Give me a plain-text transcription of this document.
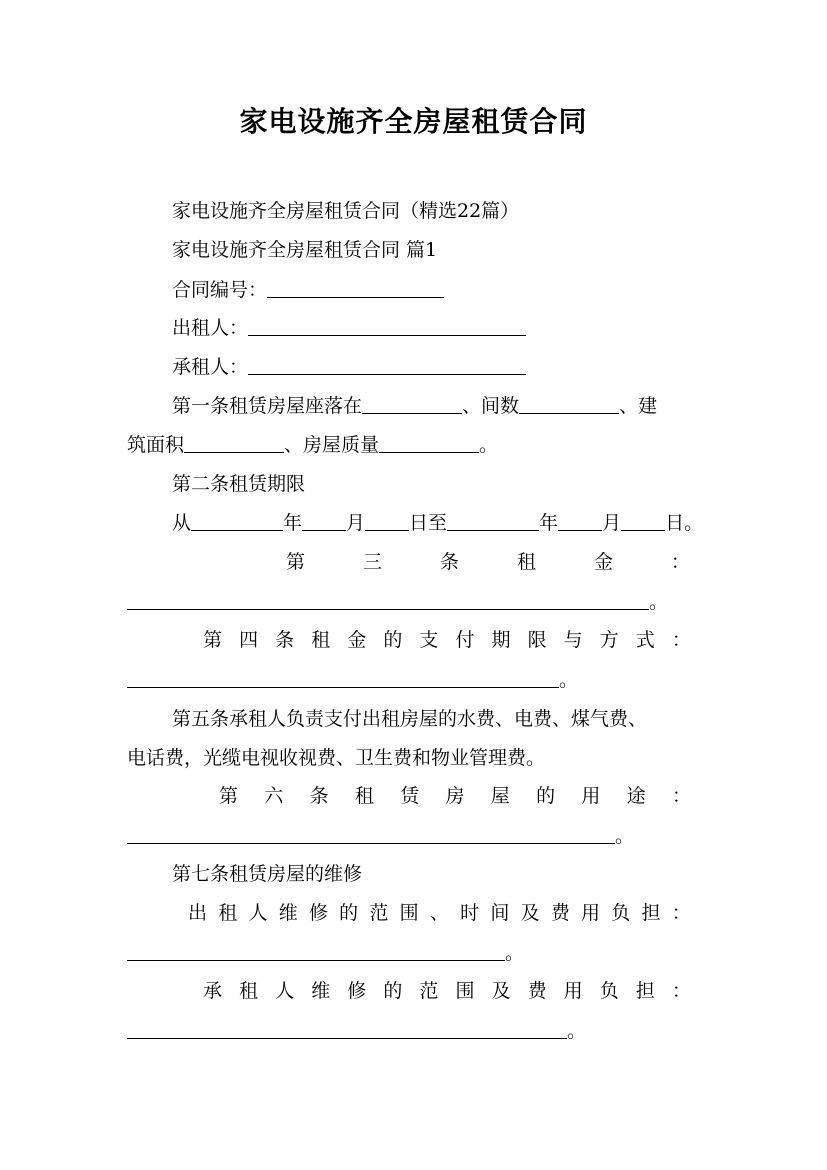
家电设施齐全房屋租赁合同
家电设施齐全房屋租赁合同（精选22篇）
家电设施齐全房屋租赁合同 篇1
合同编号：
出租人：
承租人：
第一条租赁房屋座落在	、间数	、建
筑面积	、房屋质量	。
第二条租赁期限
从	年 月 日至	年 月 日。
第	三	条	租	金	：
。
第 四 条 租 金 的 支 付 期 限 与 方 式 ：
。
第五条承租人负责支付出租房屋的水费、电费、煤气费、
电话费，光缆电视收视费、卫生费和物业管理费。
第 六 条 租 赁 房 屋 的 用 途 ：
。
第七条租赁房屋的维修
出 租 人 维 修 的 范 围 、 时 间 及 费 用 负 担 ：
。
承 租 人 维 修 的 范 围 及 费 用 负 担 ：
。
